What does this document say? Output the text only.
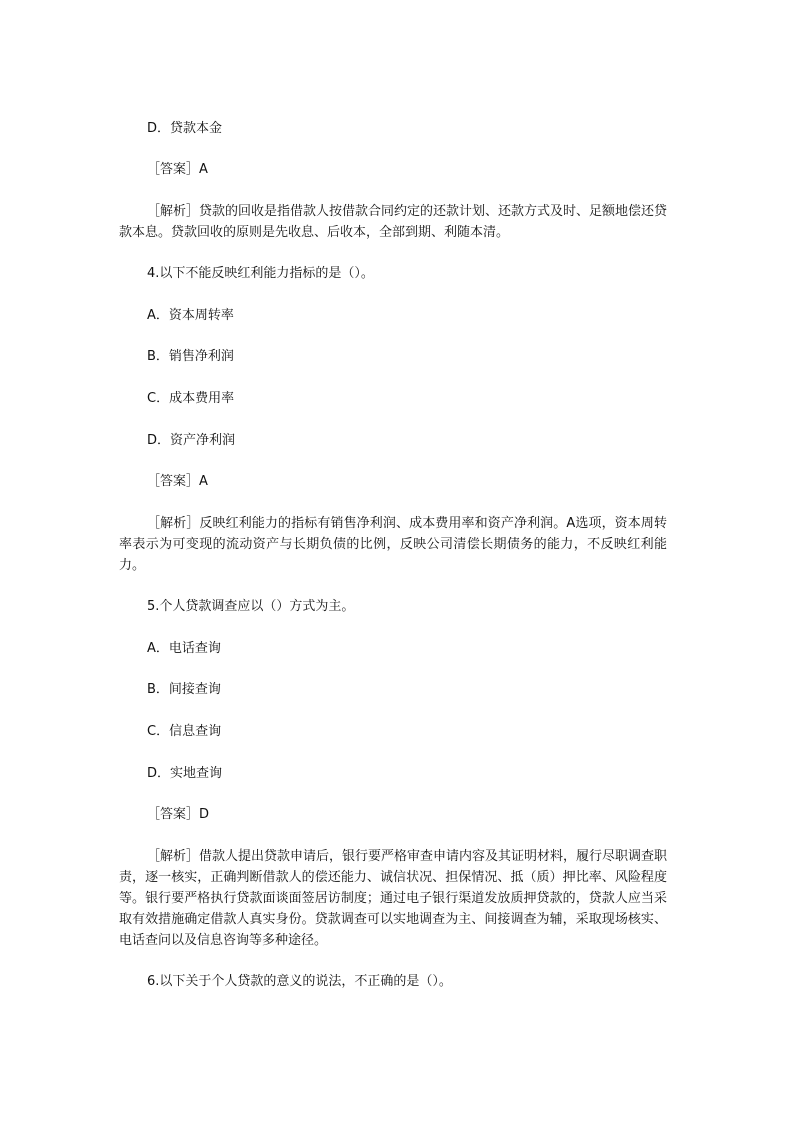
D．贷款本金

［答案］A

［解析］贷款的回收是指借款人按借款合同约定的还款计划、还款方式及时、足额地偿还贷款本息。贷款回收的原则是先收息、后收本，全部到期、利随本清。

4.以下不能反映红利能力指标的是（）。

A．资本周转率

B．销售净利润

C．成本费用率

D．资产净利润

［答案］A

［解析］反映红利能力的指标有销售净利润、成本费用率和资产净利润。A选项，资本周转率表示为可变现的流动资产与长期负债的比例，反映公司清偿长期债务的能力，不反映红利能力。

5.个人贷款调查应以（）方式为主。

A．电话查询

B．间接查询

C．信息查询

D．实地查询

［答案］D

［解析］借款人提出贷款申请后，银行要严格审查申请内容及其证明材料，履行尽职调查职责，逐一核实，正确判断借款人的偿还能力、诚信状况、担保情况、抵（质）押比率、风险程度等。银行要严格执行贷款面谈面签居访制度；通过电子银行渠道发放质押贷款的，贷款人应当采取有效措施确定借款人真实身份。贷款调查可以实地调查为主、间接调查为辅，采取现场核实、电话查问以及信息咨询等多种途径。

6.以下关于个人贷款的意义的说法，不正确的是（）。
